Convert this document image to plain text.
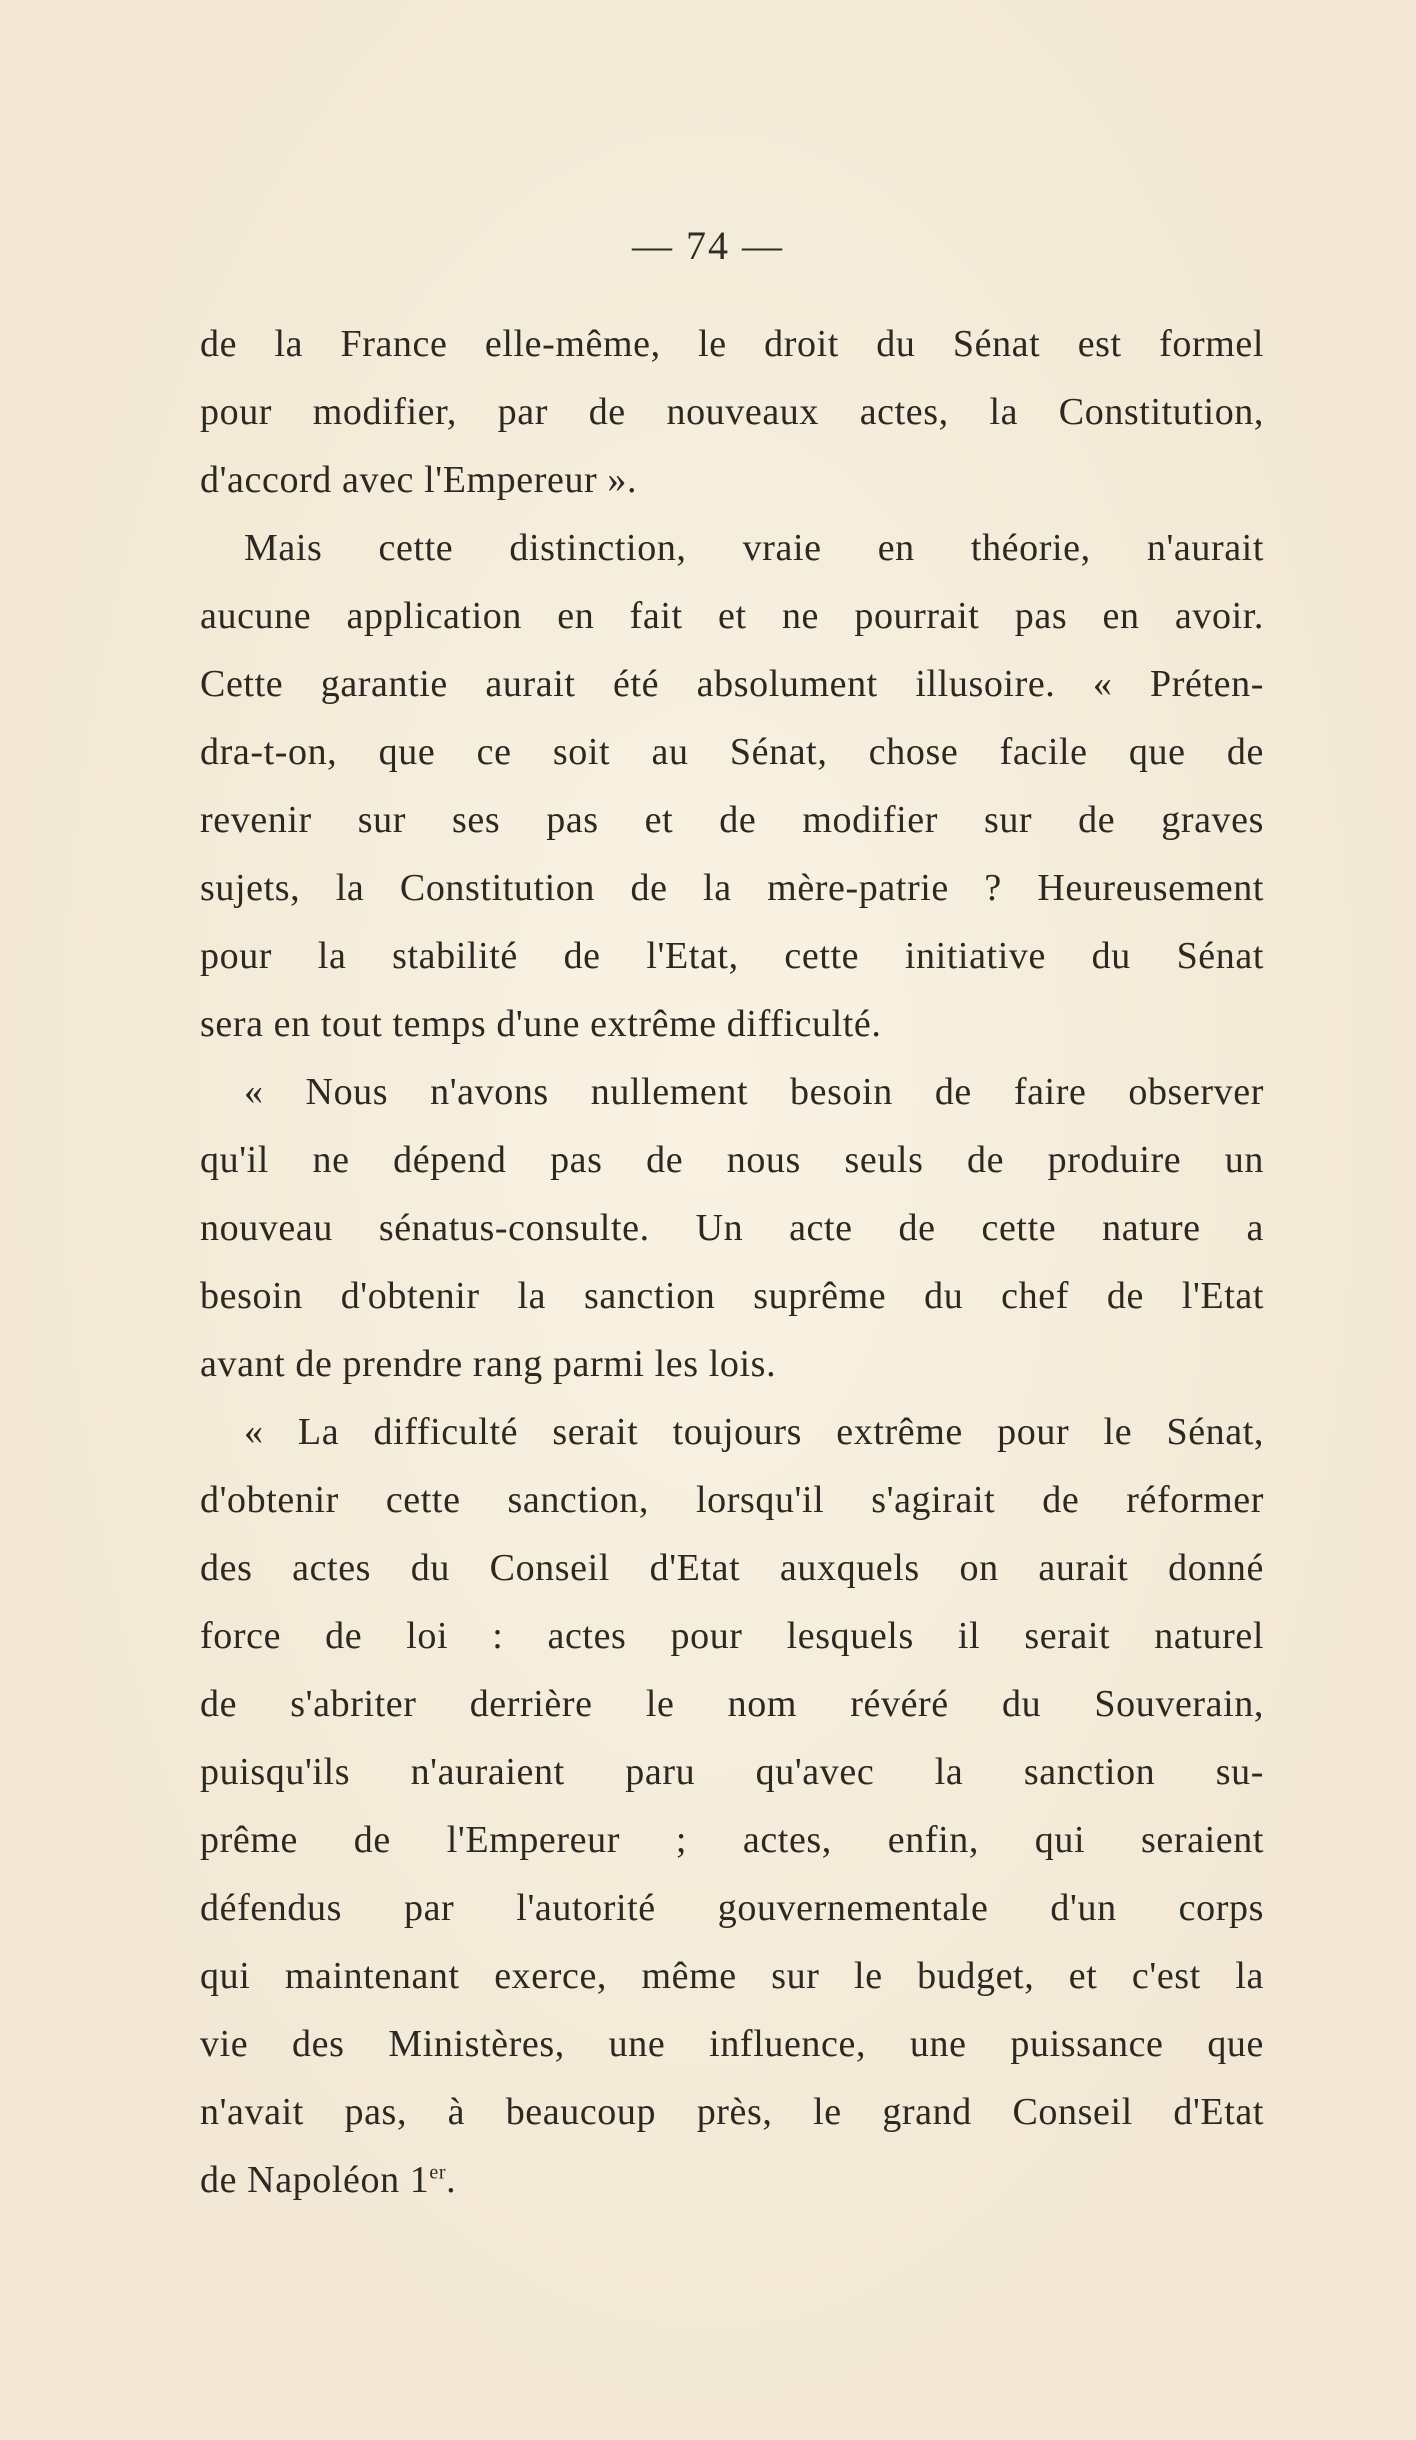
— 74 —
de la France elle-même, le droit du Sénat est formel
pour modifier, par de nouveaux actes, la Constitution,
d'accord avec l'Empereur ».
Mais cette distinction, vraie en théorie, n'aurait
aucune application en fait et ne pourrait pas en avoir.
Cette garantie aurait été absolument illusoire. « Préten-
dra-t-on, que ce soit au Sénat, chose facile que de
revenir sur ses pas et de modifier sur de graves
sujets, la Constitution de la mère-patrie ? Heureusement
pour la stabilité de l'Etat, cette initiative du Sénat
sera en tout temps d'une extrême difficulté.
« Nous n'avons nullement besoin de faire observer
qu'il ne dépend pas de nous seuls de produire un
nouveau sénatus-consulte. Un acte de cette nature a
besoin d'obtenir la sanction suprême du chef de l'Etat
avant de prendre rang parmi les lois.
« La difficulté serait toujours extrême pour le Sénat,
d'obtenir cette sanction, lorsqu'il s'agirait de réformer
des actes du Conseil d'Etat auxquels on aurait donné
force de loi : actes pour lesquels il serait naturel
de s'abriter derrière le nom révéré du Souverain,
puisqu'ils n'auraient paru qu'avec la sanction su-
prême de l'Empereur ; actes, enfin, qui seraient
défendus par l'autorité gouvernementale d'un corps
qui maintenant exerce, même sur le budget, et c'est la
vie des Ministères, une influence, une puissance que
n'avait pas, à beaucoup près, le grand Conseil d'Etat
de Napoléon 1er.
